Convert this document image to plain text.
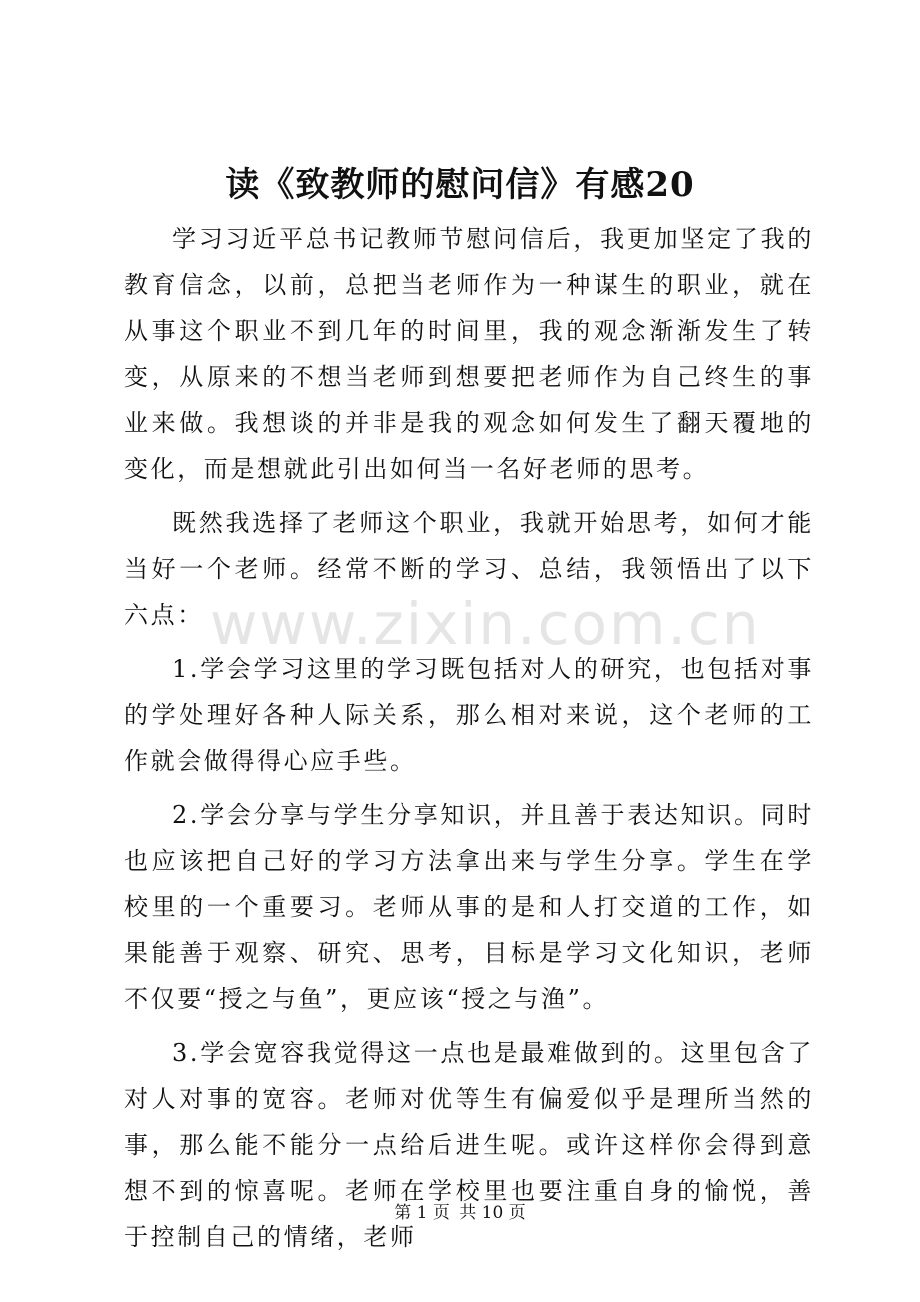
读《致教师的慰问信》有感20

学习习近平总书记教师节慰问信后，我更加坚定了我的教育信念，以前，总把当老师作为一种谋生的职业，就在从事这个职业不到几年的时间里，我的观念渐渐发生了转变，从原来的不想当老师到想要把老师作为自己终生的事业来做。我想谈的并非是我的观念如何发生了翻天覆地的变化，而是想就此引出如何当一名好老师的思考。

既然我选择了老师这个职业，我就开始思考，如何才能当好一个老师。经常不断的学习、总结，我领悟出了以下六点：

1.学会学习这里的学习既包括对人的研究，也包括对事的学处理好各种人际关系，那么相对来说，这个老师的工作就会做得得心应手些。

2.学会分享与学生分享知识，并且善于表达知识。同时也应该把自己好的学习方法拿出来与学生分享。学生在学校里的一个重要习。老师从事的是和人打交道的工作，如果能善于观察、研究、思考，目标是学习文化知识，老师不仅要“授之与鱼”，更应该“授之与渔”。

3.学会宽容我觉得这一点也是最难做到的。这里包含了对人对事的宽容。老师对优等生有偏爱似乎是理所当然的事，那么能不能分一点给后进生呢。或许这样你会得到意想不到的惊喜呢。老师在学校里也要注重自身的愉悦，善于控制自己的情绪，老师

www.zixin.com.cn
第 1 页 共 10 页
